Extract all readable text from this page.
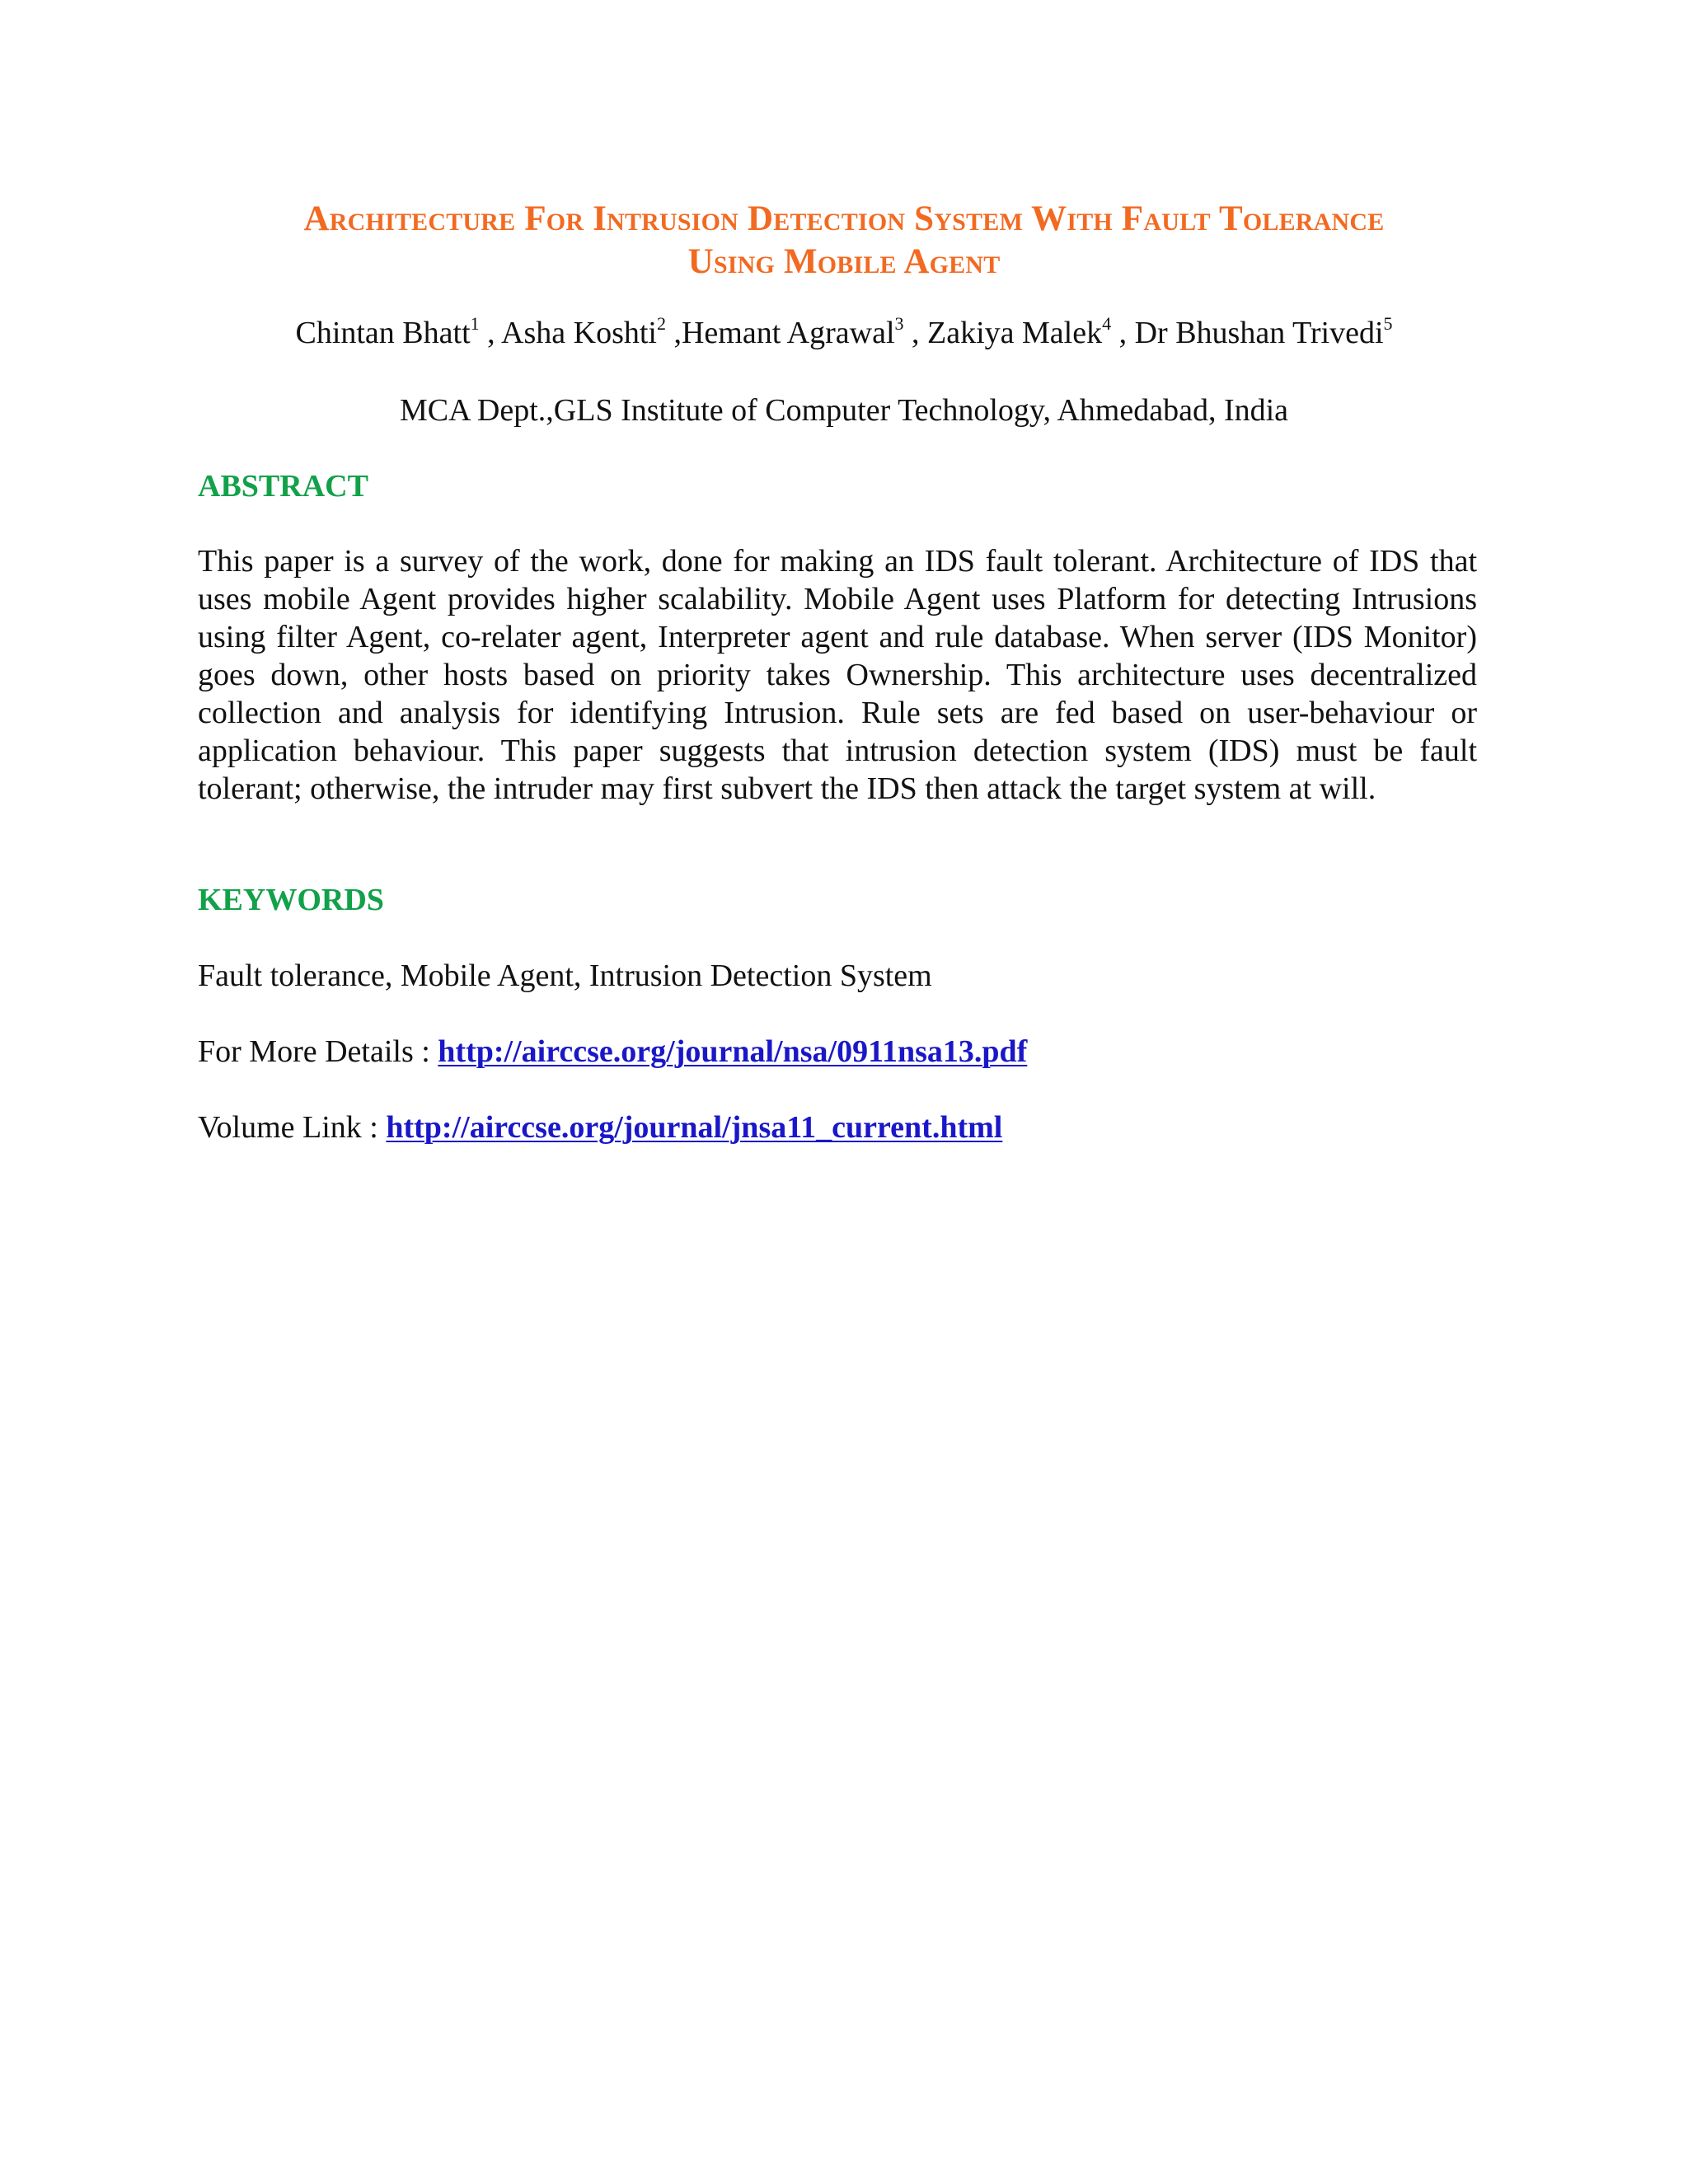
Architecture For Intrusion Detection System With Fault Tolerance
Using Mobile Agent
Chintan Bhatt$^1$ , Asha Koshti$^2$ ,Hemant Agrawal$^3$ , Zakiya Malek$^4$ , Dr Bhushan Trivedi$^5$
MCA Dept.,GLS Institute of Computer Technology, Ahmedabad, India
ABSTRACT
This paper is a survey of the work, done for making an IDS fault tolerant. Architecture of IDS that uses mobile Agent provides higher scalability. Mobile Agent uses Platform for detecting Intrusions using filter Agent, co-relater agent, Interpreter agent and rule database. When server (IDS Monitor) goes down, other hosts based on priority takes Ownership. This architecture uses decentralized collection and analysis for identifying Intrusion. Rule sets are fed based on user-behaviour or application behaviour. This paper suggests that intrusion detection system (IDS) must be fault tolerant; otherwise, the intruder may first subvert the IDS then attack the target system at will.
KEYWORDS
Fault tolerance, Mobile Agent, Intrusion Detection System
For More Details : http://airccse.org/journal/nsa/0911nsa13.pdf
Volume Link : http://airccse.org/journal/jnsa11_current.html
